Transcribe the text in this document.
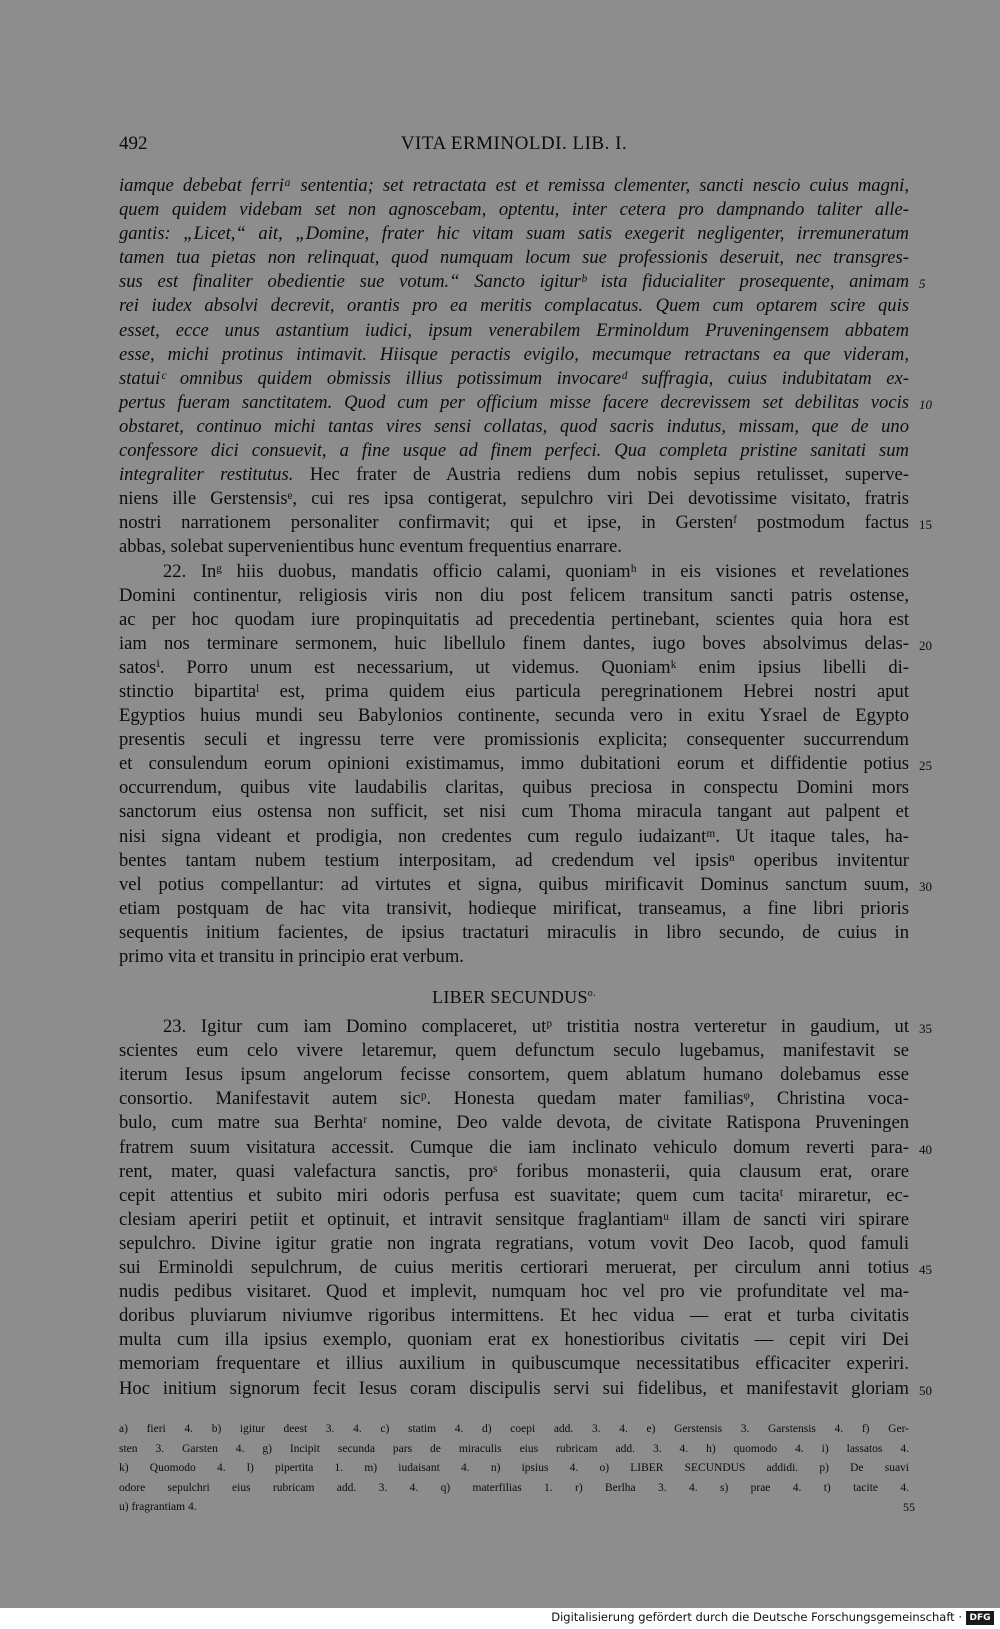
492	VITA ERMINOLDI. LIB. I.
iamque debebat ferriᵃ sententia; set retractata est et remissa clementer, sancti nescio cuius magni,
quem quidem videbam set non agnoscebam, optentu, inter cetera pro dampnando taliter alle-
gantis: „Licet,“ ait, „Domine, frater hic vitam suam satis exegerit negligenter, irremuneratum
tamen tua pietas non relinquat, quod numquam locum sue professionis deseruit, nec transgres-
sus est finaliter obedientie sue votum.“ Sancto igiturᵇ ista fiducialiter prosequente, animam 5
rei iudex absolvi decrevit, orantis pro ea meritis complacatus. Quem cum optarem scire quis
esset, ecce unus astantium iudici, ipsum venerabilem Erminoldum Pruveningensem abbatem
esse, michi protinus intimavit. Hiisque peractis evigilo, mecumque retractans ea que videram,
statuiᶜ omnibus quidem obmissis illius potissimum invocareᵈ suffragia, cuius indubitatam ex-
pertus fueram sanctitatem. Quod cum per officium misse facere decrevissem set debilitas vocis 10
obstaret, continuo michi tantas vires sensi collatas, quod sacris indutus, missam, que de uno
confessore dici consuevit, a fine usque ad finem perfeci. Qua completa pristine sanitati sum
integraliter restitutus. Hec frater de Austria rediens dum nobis sepius retulisset, superve-
niens ille Gerstensisᵉ, cui res ipsa contigerat, sepulchro viri Dei devotissime visitato, fratris
nostri narrationem personaliter confirmavit; qui et ipse, in Gerstenᶠ postmodum factus 15
abbas, solebat supervenientibus hunc eventum frequentius enarrare.
22. Inᵍ hiis duobus, mandatis officio calami, quoniamʰ in eis visiones et revelationes
Domini continentur, religiosis viris non diu post felicem transitum sancti patris ostense,
ac per hoc quodam iure propinquitatis ad precedentia pertinebant, scientes quia hora est
iam nos terminare sermonem, huic libellulo finem dantes, iugo boves absolvimus delas- 20
satosⁱ. Porro unum est necessarium, ut videmus. Quoniamᵏ enim ipsius libelli di-
stinctio bipartitaˡ est, prima quidem eius particula peregrinationem Hebrei nostri aput
Egyptios huius mundi seu Babylonios continente, secunda vero in exitu Ysrael de Egypto
presentis seculi et ingressu terre vere promissionis explicita; consequenter succurrendum
et consulendum eorum opinioni existimamus, immo dubitationi eorum et diffidentie potius 25
occurrendum, quibus vite laudabilis claritas, quibus preciosa in conspectu Domini mors
sanctorum eius ostensa non sufficit, set nisi cum Thoma miracula tangant aut palpent et
nisi signa videant et prodigia, non credentes cum regulo iudaizantᵐ. Ut itaque tales, ha-
bentes tantam nubem testium interpositam, ad credendum vel ipsisⁿ operibus invitentur
vel potius compellantur: ad virtutes et signa, quibus mirificavit Dominus sanctum suum, 30
etiam postquam de hac vita transivit, hodieque mirificat, transeamus, a fine libri prioris
sequentis initium facientes, de ipsius tractaturi miraculis in libro secundo, de cuius in
primo vita et transitu in principio erat verbum.
LIBER $SECUNDUS^{o.}$
23. Igitur cum iam Domino complaceret, utᵖ tristitia nostra verteretur in gaudium, ut 35
scientes eum celo vivere letaremur, quem defunctum seculo lugebamus, manifestavit se
iterum Iesus ipsum angelorum fecisse consortem, quem ablatum humano dolebamus esse
consortio. Manifestavit autem sicᵖ. Honesta quedam mater familiasᵠ, Christina voca-
bulo, cum matre sua Berhtaʳ nomine, Deo valde devota, de civitate Ratispona Pruveningen
fratrem suum visitatura accessit. Cumque die iam inclinato vehiculo domum reverti para- 40
rent, mater, quasi valefactura sanctis, proˢ foribus monasterii, quia clausum erat, orare
cepit attentius et subito miri odoris perfusa est suavitate; quem cum tacitaᵗ miraretur, ec-
clesiam aperiri petiit et optinuit, et intravit sensitque fraglantiamᵘ illam de sancti viri spirare
sepulchro. Divine igitur gratie non ingrata regratians, votum vovit Deo Iacob, quod famuli
sui Erminoldi sepulchrum, de cuius meritis certiorari meruerat, per circulum anni totius 45
nudis pedibus visitaret. Quod et implevit, numquam hoc vel pro vie profunditate vel ma-
doribus pluviarum niviumve rigoribus intermittens. Et hec vidua — erat et turba civitatis
multa cum illa ipsius exemplo, quoniam erat ex honestioribus civitatis — cepit viri Dei
memoriam frequentare et illius auxilium in quibuscumque necessitatibus efficaciter experiri.
Hoc initium signorum fecit Iesus coram discipulis servi sui fidelibus, et manifestavit gloriam 50
a) fieri 4. b) igitur deest 3. 4. c) statim 4. d) coepi add. 3. 4. e) Gerstensis 3. Garstensis 4. f) Ger-
sten 3. Garsten 4. g) Incipit secunda pars de miraculis eius rubricam add. 3. 4. h) quomodo 4. i) lassatos 4.
k) Quomodo 4. l) pipertita 1. m) iudaisant 4. n) ipsius 4. o) LIBER SECUNDUS addidi. p) De suavi
odore sepulchri eius rubricam add. 3. 4. q) materfilias 1. r) Berlha 3. 4. s) prae 4. t) tacite 4.
u) fragrantiam 4.	55
Digitalisierung gefördert durch die Deutsche Forschungsgemeinschaft · DFG
